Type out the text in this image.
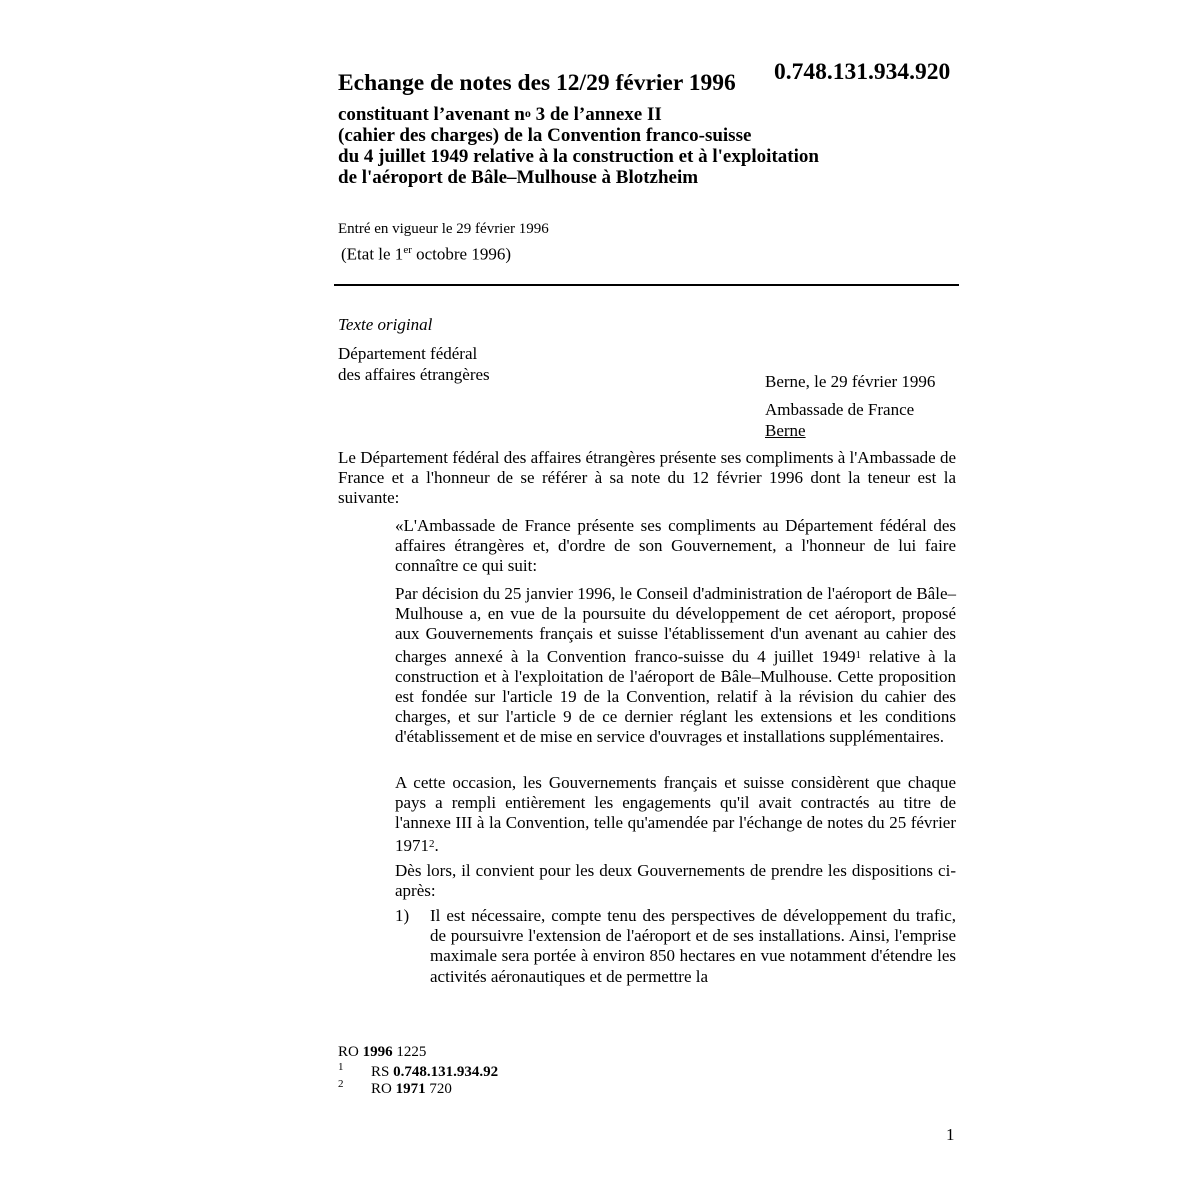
Echange de notes des 12/29 février 1996 0.748.131.934.920
constituant l’avenant no 3 de l’annexe II
(cahier des charges) de la Convention franco-suisse
du 4 juillet 1949 relative à la construction et à l'exploitation
de l'aéroport de Bâle–Mulhouse à Blotzheim
Entré en vigueur le 29 février 1996
(Etat le 1er octobre 1996)
Texte original
Département fédéral
des affaires étrangères	Berne, le 29 février 1996
Ambassade de France
Berne
Le Département fédéral des affaires étrangères présente ses compliments à l'Ambassade de France et a l'honneur de se référer à sa note du 12 février 1996 dont la teneur est la suivante:
«L'Ambassade de France présente ses compliments au Département fédéral des affaires étrangères et, d'ordre de son Gouvernement, a l'honneur de lui faire connaître ce qui suit:
Par décision du 25 janvier 1996, le Conseil d'administration de l'aéroport de Bâle–Mulhouse a, en vue de la poursuite du développement de cet aéroport, proposé aux Gouvernements français et suisse l'établissement d'un avenant au cahier des charges annexé à la Convention franco-suisse du 4 juillet 1949$^1$ relative à la construction et à l'exploitation de l'aéroport de Bâle–Mulhouse. Cette proposition est fondée sur l'article 19 de la Convention, relatif à la révision du cahier des charges, et sur l'article 9 de ce dernier réglant les extensions et les conditions d'établissement et de mise en service d'ouvrages et installations supplémentaires.
A cette occasion, les Gouvernements français et suisse considèrent que chaque pays a rempli entièrement les engagements qu'il avait contractés au titre de l'annexe III à la Convention, telle qu'amendée par l'échange de notes du 25 février 1971$^2$.
Dès lors, il convient pour les deux Gouvernements de prendre les dispositions ci-après:
1) Il est nécessaire, compte tenu des perspectives de développement du trafic, de poursuivre l'extension de l'aéroport et de ses installations. Ainsi, l'emprise maximale sera portée à environ 850 hectares en vue notamment d'étendre les activités aéronautiques et de permettre la
RO 1996 1225
1 RS 0.748.131.934.92
2 RO 1971 720
1
